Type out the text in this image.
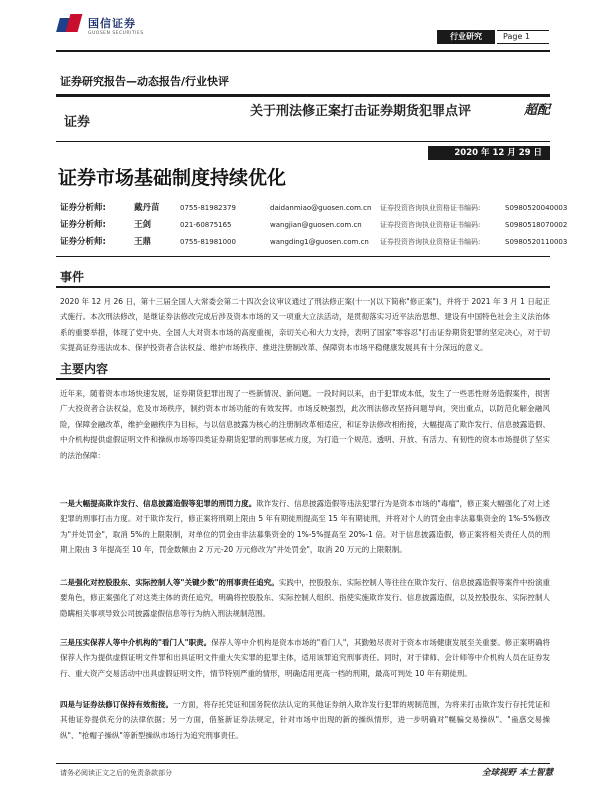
国信证券
GUOSEN SECURITIES	行业研究	Page 1
证券研究报告—动态报告/行业快评
证券
关于刑法修正案打击证券期货犯罪点评	超配
2020 年 12 月 29 日
证券市场基础制度持续优化
证券分析师:	戴丹苗	0755-81982379	daidanmiao@guosen.com.cn 证券投资咨询执业资格证书编码:	S0980520040003
证券分析师:	王剑	021-60875165	wangjian@guosen.com.cn	证券投资咨询执业资格证书编码:	S0980518070002
证券分析师:	王鼎	0755-81981000	wangding1@guosen.com.cn 证券投资咨询执业资格证书编码:	S0980520110003
事件
2020 年 12 月 26 日，第十三届全国人大常委会第二十四次会议审议通过了刑法修正案(十一)(以下简称"修正案")，并将于 2021 年 3 月 1 日起正式施行。本次刑法修改，是继证券法修改完成后涉及资本市场的又一项重大立法活动，是贯彻落实习近平法治思想、建设有中国特色社会主义法治体系的重要举措，体现了党中央、全国人大对资本市场的高度重视，亲切关心和大力支持，表明了国家"零容忍"打击证券期货犯罪的坚定决心，对于切实提高证券违法成本、保护投资者合法权益、维护市场秩序、推进注册制改革、保障资本市场平稳健康发展具有十分深远的意义。
主要内容
近年来，随着资本市场快速发展，证券期货犯罪出现了一些新情况、新问题。一段时间以来，由于犯罪成本低，发生了一些恶性财务造假案件，损害广大投资者合法权益，危及市场秩序，制约资本市场功能的有效发挥。市场反映强烈，此次刑法修改坚持问题导向，突出重点，以防范化解金融风险，保障金融改革，维护金融秩序为目标，与以信息披露为核心的注册制改革相适应，和证券法修改相衔接，大幅提高了欺诈发行、信息披露造假、中介机构提供虚假证明文件和操纵市场等四类证券期货犯罪的刑事惩戒力度，为打造一个规范、透明、开放、有活力、有韧性的资本市场提供了坚实的法治保障：
一是大幅提高欺诈发行、信息披露造假等犯罪的刑罚力度。欺诈发行、信息披露造假等违法犯罪行为是资本市场的"毒瘤"，修正案大幅强化了对上述犯罪的刑事打击力度。对于欺诈发行，修正案将刑期上限由 5 年有期徒刑提高至 15 年有期徒刑，并将对个人的罚金由非法募集资金的 1%-5%修改为"并处罚金"，取消 5%的上限限制，对单位的罚金由非法募集资金的 1%-5%提高至 20%-1 倍。对于信息披露造假，修正案将相关责任人员的刑期上限由 3 年提高至 10 年，罚金数额由 2 万元-20 万元修改为"并处罚金"，取消 20 万元的上限限制。
二是强化对控股股东、实际控制人等"关键少数"的刑事责任追究。实践中，控股股东、实际控制人等往往在欺诈发行、信息披露造假等案件中扮演重要角色，修正案强化了对这类主体的责任追究，明确将控股股东、实际控制人组织、指使实施欺诈发行、信息披露造假，以及控股股东、实际控制人隐瞒相关事项导致公司披露虚假信息等行为纳入刑法规制范围。
三是压实保荐人等中介机构的"看门人"职责。保荐人等中介机构是资本市场的"看门人"，其勤勉尽责对于资本市场健康发展至关重要。修正案明确将保荐人作为提供虚假证明文件罪和出具证明文件重大失实罪的犯罪主体，适用该罪追究刑事责任。同时，对于律师、会计师等中介机构人员在证券发行、重大资产交易活动中出具虚假证明文件，情节特别严重的情形，明确适用更高一档的刑期，最高可判处 10 年有期徒刑。
四是与证券法修订保持有效衔接。一方面，将存托凭证和国务院依法认定的其他证券纳入欺诈发行犯罪的规制范围，为将来打击欺诈发行存托凭证和其他证券提供充分的法律依据；另一方面，借鉴新证券法规定，针对市场中出现的新的操纵情形，进一步明确对"幌骗交易操纵"、"蛊惑交易操纵"、"抢帽子操纵"等新型操纵市场行为追究刑事责任。
请务必阅读正文之后的免责条款部分	全球视野 本土智慧
